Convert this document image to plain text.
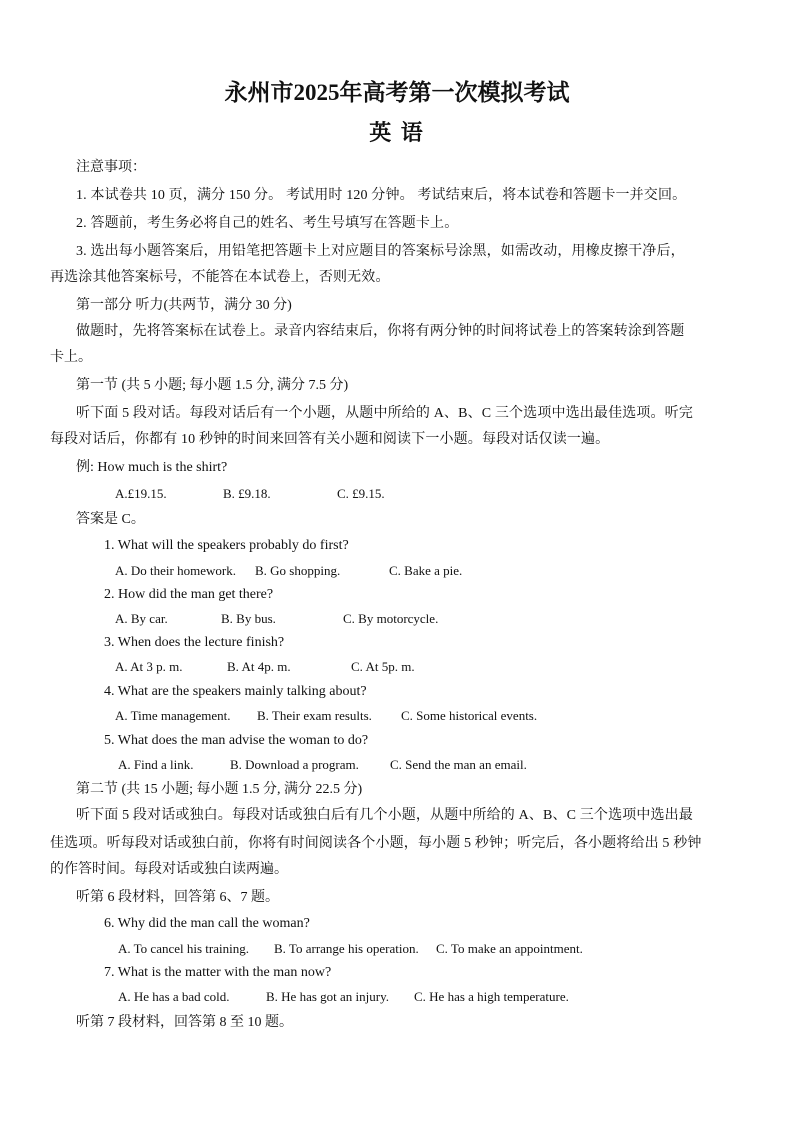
永州市2025年高考第一次模拟考试
英 语
注意事项：
1. 本试卷共 10 页，满分 150 分。 考试用时 120 分钟。 考试结束后，将本试卷和答题卡一并交回。
2. 答题前，考生务必将自己的姓名、考生号填写在答题卡上。
3. 选出每小题答案后，用铅笔把答题卡上对应题目的答案标号涂黑，如需改动，用橡皮擦干净后，
再选涂其他答案标号，不能答在本试卷上，否则无效。
第一部分 听力(共两节，满分 30 分)
做题时，先将答案标在试卷上。录音内容结束后，你将有两分钟的时间将试卷上的答案转涂到答题
卡上。
第一节 (共 5 小题; 每小题 1.5 分, 满分 7.5 分)
听下面 5 段对话。每段对话后有一个小题，从题中所给的 A、B、C 三个选项中选出最佳选项。听完
每段对话后，你都有 10 秒钟的时间来回答有关小题和阅读下一小题。每段对话仅读一遍。
例: How much is the shirt?
A.£19.15.	B. £9.18.	C. £9.15.
答案是 C。
1. What will the speakers probably do first?
A. Do their homework. B. Go shopping.	C. Bake a pie.
2. How did the man get there?
A. By car.	B. By bus.	C. By motorcycle.
3. When does the lecture finish?
A. At 3 p. m.	B. At 4p. m.	C. At 5p. m.
4. What are the speakers mainly talking about?
A. Time management. B. Their exam results. C. Some historical events.
5. What does the man advise the woman to do?
A. Find a link.	B. Download a program. C. Send the man an email.
第二节 (共 15 小题; 每小题 1.5 分, 满分 22.5 分)
听下面 5 段对话或独白。每段对话或独白后有几个小题，从题中所给的 A、B、C 三个选项中选出最
佳选项。听每段对话或独白前，你将有时间阅读各个小题，每小题 5 秒钟；听完后，各小题将给出 5 秒钟
的作答时间。每段对话或独白读两遍。
听第 6 段材料，回答第 6、7 题。
6. Why did the man call the woman?
A. To cancel his training. B. To arrange his operation. C. To make an appointment.
7. What is the matter with the man now?
A. He has a bad cold.	B. He has got an injury. C. He has a high temperature.
听第 7 段材料，回答第 8 至 10 题。
